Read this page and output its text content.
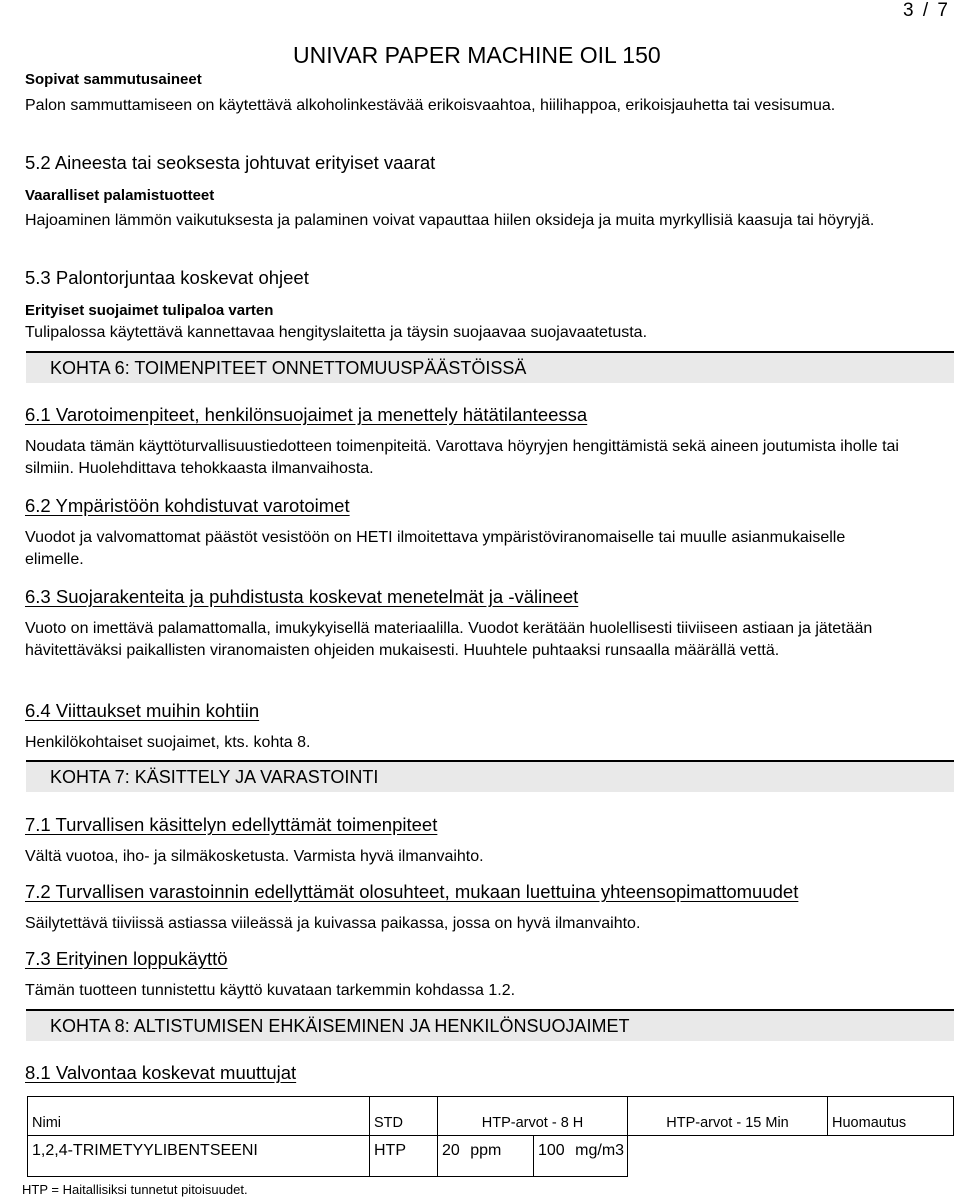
3 / 7
UNIVAR PAPER MACHINE OIL 150
Sopivat sammutusaineet
Palon sammuttamiseen on käytettävä alkoholinkestävää erikoisvaahtoa, hiilihappoa, erikoisjauhetta tai vesisumua.
5.2 Aineesta tai seoksesta johtuvat erityiset vaarat
Vaaralliset palamistuotteet
Hajoaminen lämmön vaikutuksesta ja palaminen voivat vapauttaa hiilen oksideja ja muita myrkyllisiä kaasuja tai höyryjä.
5.3 Palontorjuntaa koskevat ohjeet
Erityiset suojaimet tulipaloa varten
Tulipalossa käytettävä kannettavaa hengityslaitetta ja täysin suojaavaa suojavaatetusta.
KOHTA 6: TOIMENPITEET ONNETTOMUUSPÄÄSTÖISSÄ
6.1 Varotoimenpiteet, henkilönsuojaimet ja menettely hätätilanteessa
Noudata tämän käyttöturvallisuustiedotteen toimenpiteitä. Varottava höyryjen hengittämistä sekä aineen joutumista iholle tai silmiin. Huolehdittava tehokkaasta ilmanvaihosta.
6.2 Ympäristöön kohdistuvat varotoimet
Vuodot ja valvomattomat päästöt vesistöön on HETI ilmoitettava ympäristöviranomaiselle tai muulle asianmukaiselle elimelle.
6.3 Suojarakenteita ja puhdistusta koskevat menetelmät ja -välineet
Vuoto on imettävä palamattomalla, imukykyisellä materiaalilla. Vuodot kerätään huolellisesti tiiviiseen astiaan ja jätetään hävitettäväksi paikallisten viranomaisten ohjeiden mukaisesti. Huuhtele puhtaaksi runsaalla määrällä vettä.
6.4 Viittaukset muihin kohtiin
Henkilökohtaiset suojaimet, kts. kohta 8.
KOHTA 7: KÄSITTELY JA VARASTOINTI
7.1 Turvallisen käsittelyn edellyttämät toimenpiteet
Vältä vuotoa, iho- ja silmäkosketusta. Varmista hyvä ilmanvaihto.
7.2 Turvallisen varastoinnin edellyttämät olosuhteet, mukaan luettuina yhteensopimattomuudet
Säilytettävä tiiviissä astiassa viileässä ja kuivassa paikassa, jossa on hyvä ilmanvaihto.
7.3 Erityinen loppukäyttö
Tämän tuotteen tunnistettu käyttö kuvataan tarkemmin kohdassa 1.2.
KOHTA 8: ALTISTUMISEN EHKÄISEMINEN JA HENKILÖNSUOJAIMET
8.1 Valvontaa koskevat muuttujat
Nimi	STD	HTP-arvot - 8 H		HTP-arvot - 15 Min	Huomautus
1,2,4-TRIMETYYLIBENTSEENI	HTP	20 ppm	100 mg/m3		
HTP = Haitallisiksi tunnetut pitoisuudet.
